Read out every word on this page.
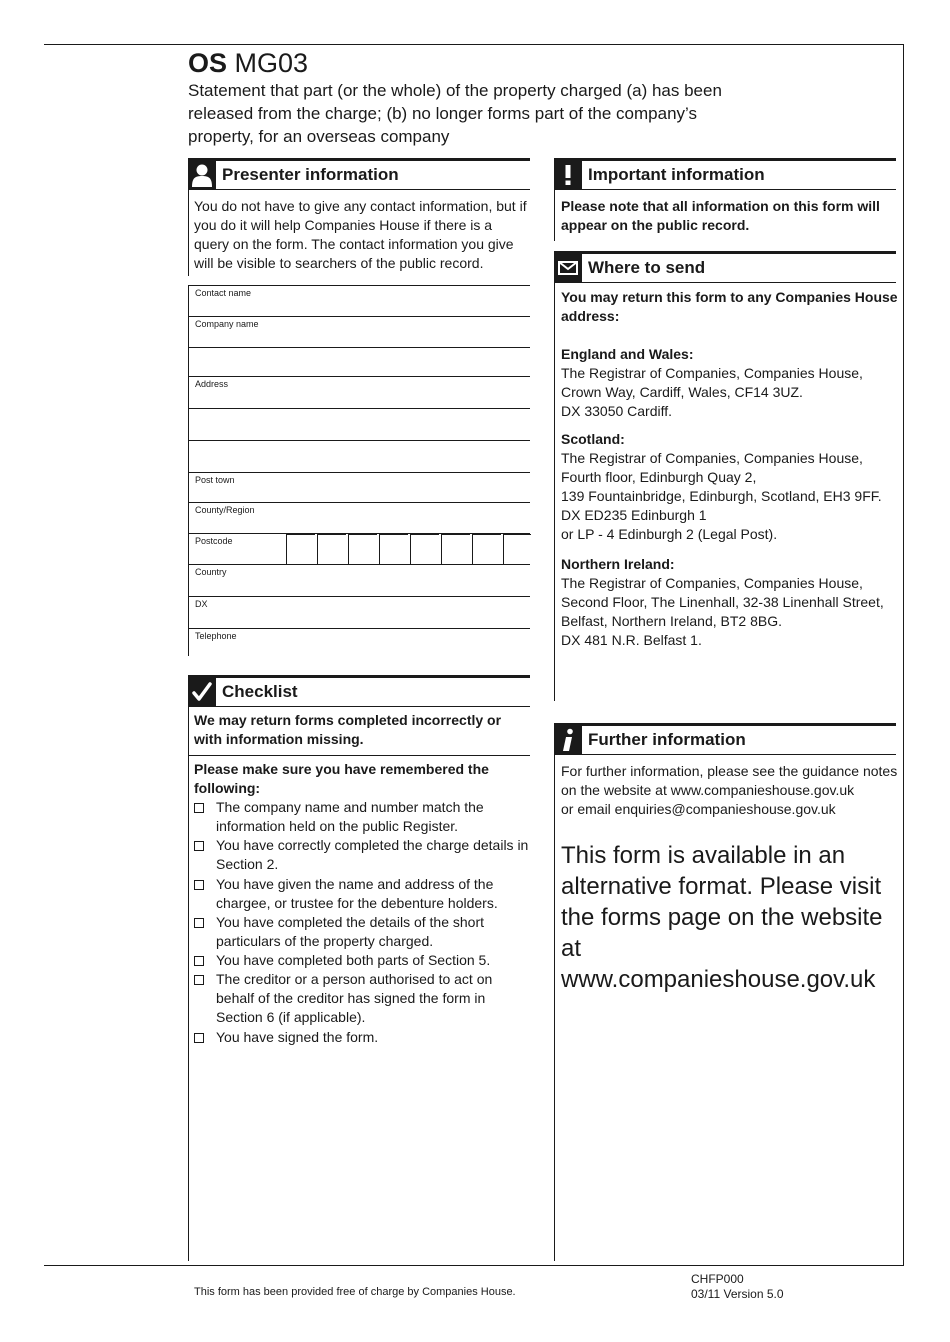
OS MG03
Statement that part (or the whole) of the property charged (a) has been released from the charge; (b) no longer forms part of the company’s property, for an overseas company
Presenter information
You do not have to give any contact information, but if you do it will help Companies House if there is a query on the form. The contact information you give will be visible to searchers of the public record.
Contact name
Company name
Address
Post town
County/Region
Postcode
Country
DX
Telephone
Checklist
We may return forms completed incorrectly or with information missing.
Please make sure you have remembered the following:
The company name and number match the information held on the public Register.
You have correctly completed the charge details in Section 2.
You have given the name and address of the chargee, or trustee for the debenture holders.
You have completed the details of the short particulars of the property charged.
You have completed both parts of Section 5.
The creditor or a person authorised to act on behalf of the creditor has signed the form in Section 6 (if applicable).
You have signed the form.
Important information
Please note that all information on this form will appear on the public record.
Where to send
You may return this form to any Companies House address:
England and Wales:
The Registrar of Companies, Companies House,
Crown Way, Cardiff, Wales, CF14 3UZ.
DX 33050 Cardiff.
Scotland:
The Registrar of Companies, Companies House,
Fourth floor, Edinburgh Quay 2,
139 Fountainbridge, Edinburgh, Scotland, EH3 9FF.
DX ED235 Edinburgh 1
or LP - 4 Edinburgh 2 (Legal Post).
Northern Ireland:
The Registrar of Companies, Companies House,
Second Floor, The Linenhall, 32-38 Linenhall Street,
Belfast, Northern Ireland, BT2 8BG.
DX 481 N.R. Belfast 1.
Further information
For further information, please see the guidance notes
on the website at www.companieshouse.gov.uk
or email enquiries@companieshouse.gov.uk
This form is available in an alternative format. Please visit the forms page on the website at www.companieshouse.gov.uk
This form has been provided free of charge by Companies House.
CHFP000
03/11 Version 5.0
